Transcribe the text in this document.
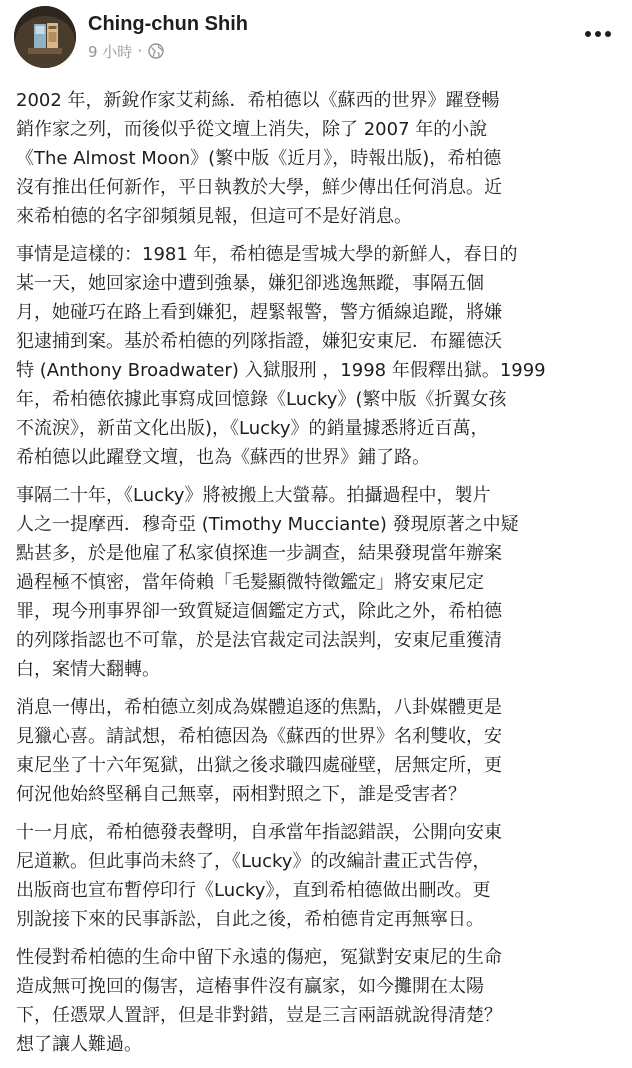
Ching-chun Shih
9 小時 ·

2002 年，新銳作家艾莉絲．希柏德以《蘇西的世界》躍登暢
銷作家之列，而後似乎從文壇上消失，除了 2007 年的小說
《The Almost Moon》(繁中版《近月》，時報出版)，希柏德
沒有推出任何新作，平日執教於大學，鮮少傳出任何消息。近
來希柏德的名字卻頻頻見報，但這可不是好消息。

事情是這樣的：1981 年，希柏德是雪城大學的新鮮人，春日的
某一天，她回家途中遭到強暴，嫌犯卻逃逸無蹤，事隔五個
月，她碰巧在路上看到嫌犯，趕緊報警，警方循線追蹤，將嫌
犯逮捕到案。基於希柏德的列隊指證，嫌犯安東尼．布羅德沃
特 (Anthony Broadwater) 入獄服刑 ，1998 年假釋出獄。1999
年，希柏德依據此事寫成回憶錄《Lucky》(繁中版《折翼女孩
不流淚》，新苗文化出版)，《Lucky》的銷量據悉將近百萬，
希柏德以此躍登文壇，也為《蘇西的世界》鋪了路。

事隔二十年，《Lucky》將被搬上大螢幕。拍攝過程中，製片
人之一提摩西．穆奇亞 (Timothy Mucciante) 發現原著之中疑
點甚多，於是他雇了私家偵探進一步調查，結果發現當年辦案
過程極不慎密，當年倚賴「毛髮顯微特徵鑑定」將安東尼定
罪，現今刑事界卻一致質疑這個鑑定方式，除此之外，希柏德
的列隊指認也不可靠，於是法官裁定司法誤判，安東尼重獲清
白，案情大翻轉。

消息一傳出，希柏德立刻成為媒體追逐的焦點，八卦媒體更是
見獵心喜。請試想，希柏德因為《蘇西的世界》名利雙收，安
東尼坐了十六年冤獄，出獄之後求職四處碰壁，居無定所，更
何況他始終堅稱自己無辜，兩相對照之下，誰是受害者？

十一月底，希柏德發表聲明，自承當年指認錯誤，公開向安東
尼道歉。但此事尚未終了，《Lucky》的改編計畫正式告停，
出版商也宣布暫停印行《Lucky》，直到希柏德做出刪改。更
別說接下來的民事訴訟，自此之後，希柏德肯定再無寧日。

性侵對希柏德的生命中留下永遠的傷疤，冤獄對安東尼的生命
造成無可挽回的傷害，這樁事件沒有贏家，如今攤開在太陽
下，任憑眾人置評，但是非對錯，豈是三言兩語就說得清楚？
想了讓人難過。
